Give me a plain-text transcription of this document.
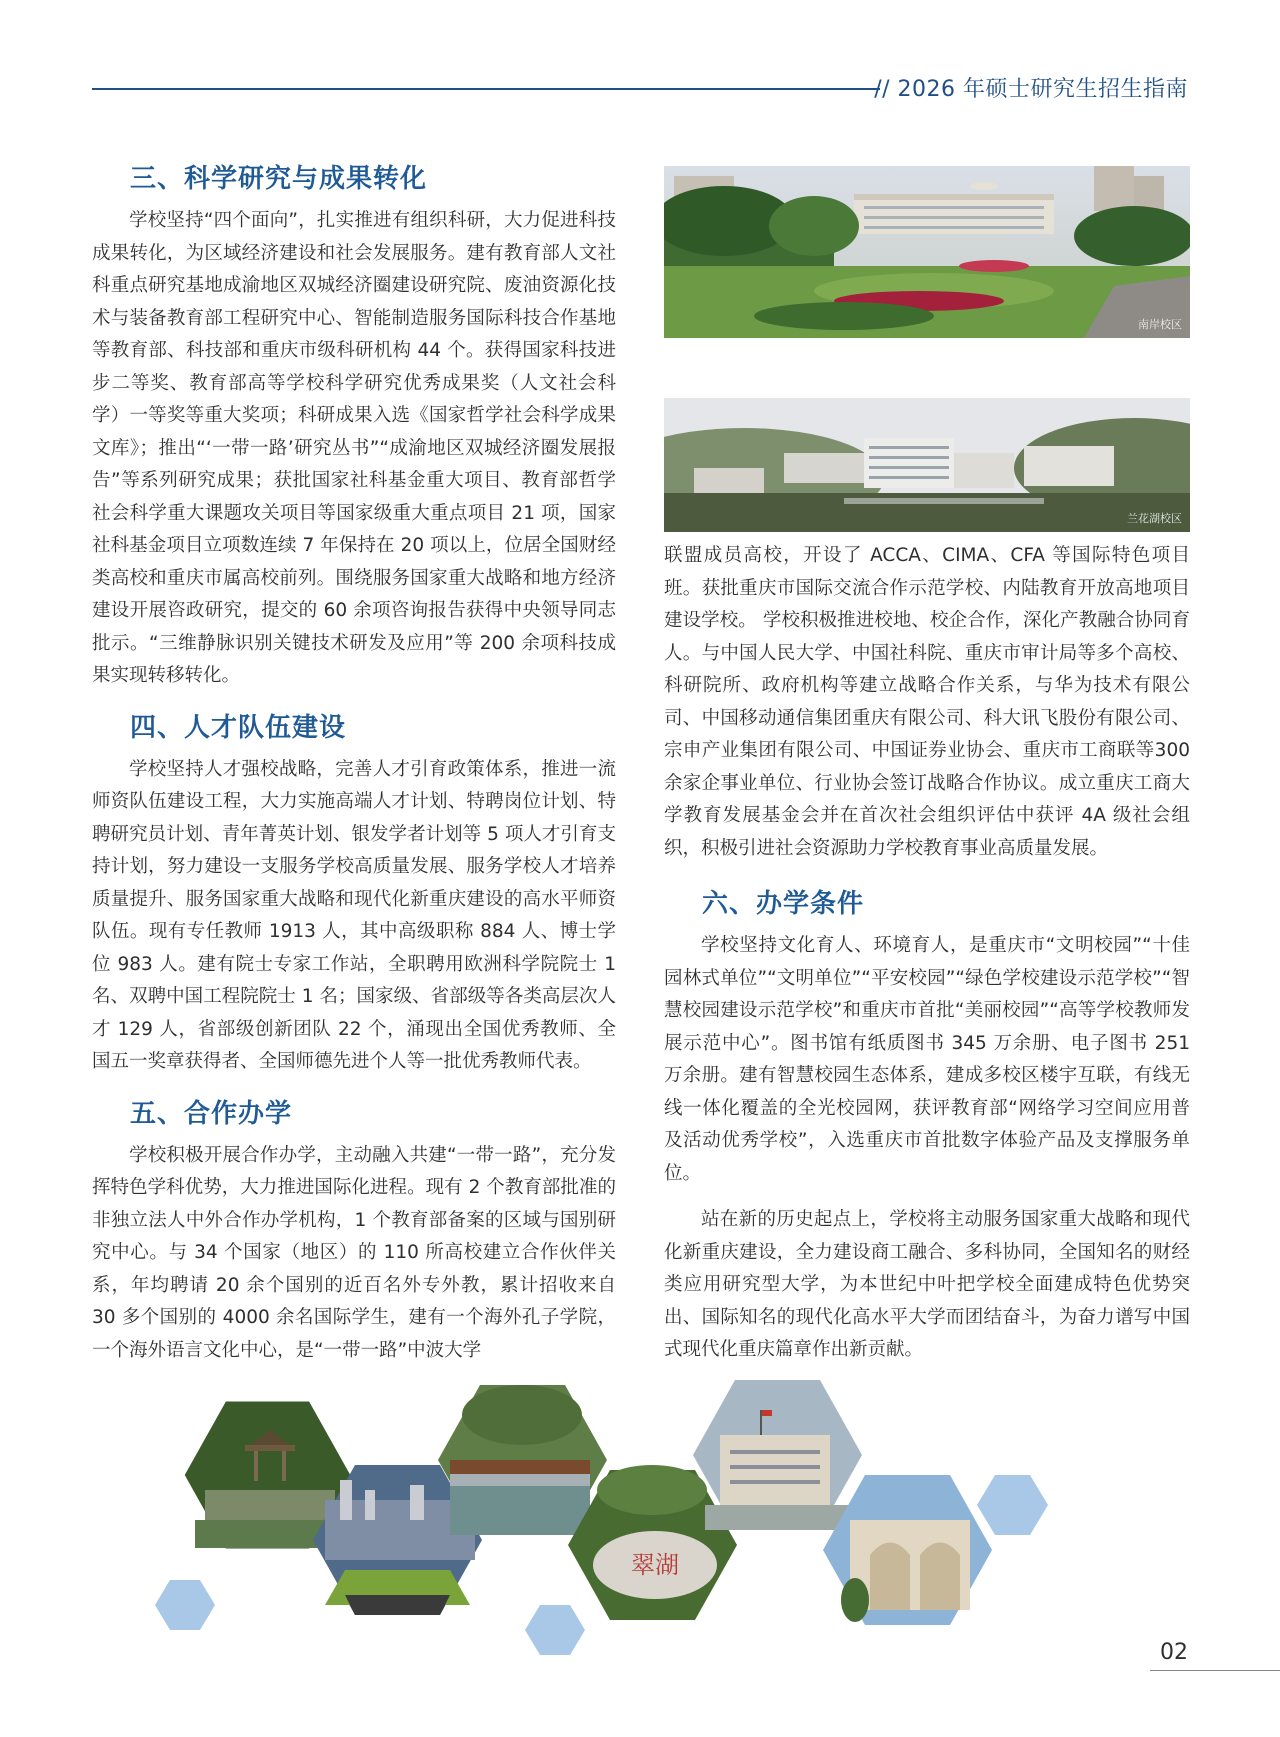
// 2026 年硕士研究生招生指南
三、科学研究与成果转化

学校坚持“四个面向”，扎实推进有组织科研，大力促进科技成果转化，为区域经济建设和社会发展服务。建有教育部人文社科重点研究基地成渝地区双城经济圈建设研究院、废油资源化技术与装备教育部工程研究中心、智能制造服务国际科技合作基地等教育部、科技部和重庆市级科研机构 44 个。获得国家科技进步二等奖、教育部高等学校科学研究优秀成果奖（人文社会科学）一等奖等重大奖项；科研成果入选《国家哲学社会科学成果文库》；推出“‘一带一路’研究丛书”“成渝地区双城经济圈发展报告”等系列研究成果；获批国家社科基金重大项目、教育部哲学社会科学重大课题攻关项目等国家级重大重点项目 21 项，国家社科基金项目立项数连续 7 年保持在 20 项以上，位居全国财经类高校和重庆市属高校前列。围绕服务国家重大战略和地方经济建设开展咨政研究，提交的 60 余项咨询报告获得中央领导同志批示。“三维静脉识别关键技术研发及应用”等 200 余项科技成果实现转移转化。

四、人才队伍建设

学校坚持人才强校战略，完善人才引育政策体系，推进一流师资队伍建设工程，大力实施高端人才计划、特聘岗位计划、特聘研究员计划、青年菁英计划、银发学者计划等 5 项人才引育支持计划，努力建设一支服务学校高质量发展、服务学校人才培养质量提升、服务国家重大战略和现代化新重庆建设的高水平师资队伍。现有专任教师 1913 人，其中高级职称 884 人、博士学位 983 人。建有院士专家工作站，全职聘用欧洲科学院院士 1 名、双聘中国工程院院士 1 名；国家级、省部级等各类高层次人才 129 人，省部级创新团队 22 个，涌现出全国优秀教师、全国五一奖章获得者、全国师德先进个人等一批优秀教师代表。

五、合作办学

学校积极开展合作办学，主动融入共建“一带一路”，充分发挥特色学科优势，大力推进国际化进程。现有 2 个教育部批准的非独立法人中外合作办学机构，1 个教育部备案的区域与国别研究中心。与 34 个国家（地区）的 110 所高校建立合作伙伴关系，年均聘请 20 余个国别的近百名外专外教，累计招收来自 30 多个国别的 4000 余名国际学生，建有一个海外孔子学院，一个海外语言文化中心，是“一带一路”中波大学

南岸校区
兰花湖校区

联盟成员高校，开设了 ACCA、CIMA、CFA 等国际特色项目班。获批重庆市国际交流合作示范学校、内陆教育开放高地项目建设学校。 学校积极推进校地、校企合作，深化产教融合协同育人。与中国人民大学、中国社科院、重庆市审计局等多个高校、科研院所、政府机构等建立战略合作关系，与华为技术有限公司、中国移动通信集团重庆有限公司、科大讯飞股份有限公司、宗申产业集团有限公司、中国证券业协会、重庆市工商联等300 余家企事业单位、行业协会签订战略合作协议。成立重庆工商大学教育发展基金会并在首次社会组织评估中获评 4A 级社会组织，积极引进社会资源助力学校教育事业高质量发展。

六、办学条件

学校坚持文化育人、环境育人，是重庆市“文明校园”“十佳园林式单位”“文明单位”“平安校园”“绿色学校建设示范学校”“智慧校园建设示范学校”和重庆市首批“美丽校园”“高等学校教师发展示范中心”。图书馆有纸质图书 345 万余册、电子图书 251 万余册。建有智慧校园生态体系，建成多校区楼宇互联，有线无线一体化覆盖的全光校园网，获评教育部“网络学习空间应用普及活动优秀学校”，入选重庆市首批数字体验产品及支撑服务单位。

站在新的历史起点上，学校将主动服务国家重大战略和现代化新重庆建设，全力建设商工融合、多科协同，全国知名的财经类应用研究型大学，为本世纪中叶把学校全面建成特色优势突出、国际知名的现代化高水平大学而团结奋斗，为奋力谱写中国式现代化重庆篇章作出新贡献。

翠湖
02
